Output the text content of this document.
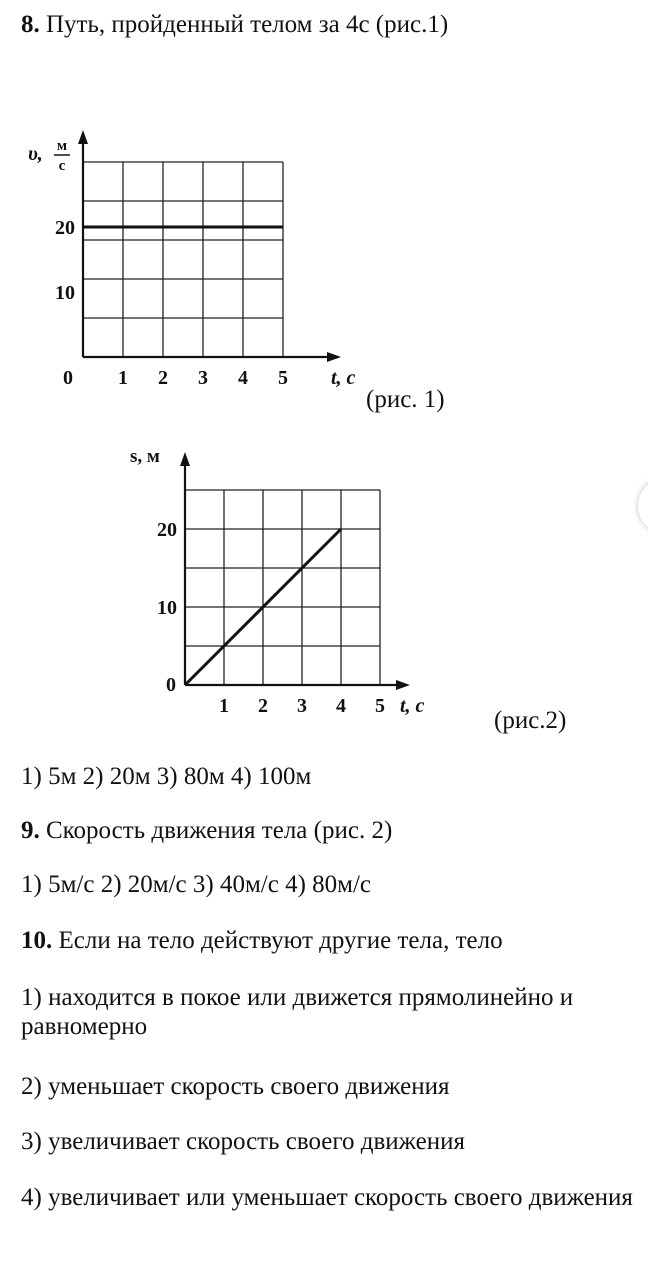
8. Путь, пройденный телом за 4с (рис.1)
1 2 3 4 5
10
20
0	t, с
υ, м
с
(рис. 1)
1 2 3 4 5
10
20
0
t, с
s, м
(рис.2)
1) 5м 2) 20м 3) 80м 4) 100м
9. Скорость движения тела (рис. 2)
1) 5м/с 2) 20м/с 3) 40м/с 4) 80м/с
10. Если на тело действуют другие тела, тело
1) находится в покое или движется прямолинейно и равномерно
2) уменьшает скорость своего движения
3) увеличивает скорость своего движения
4) увеличивает или уменьшает скорость своего движения
